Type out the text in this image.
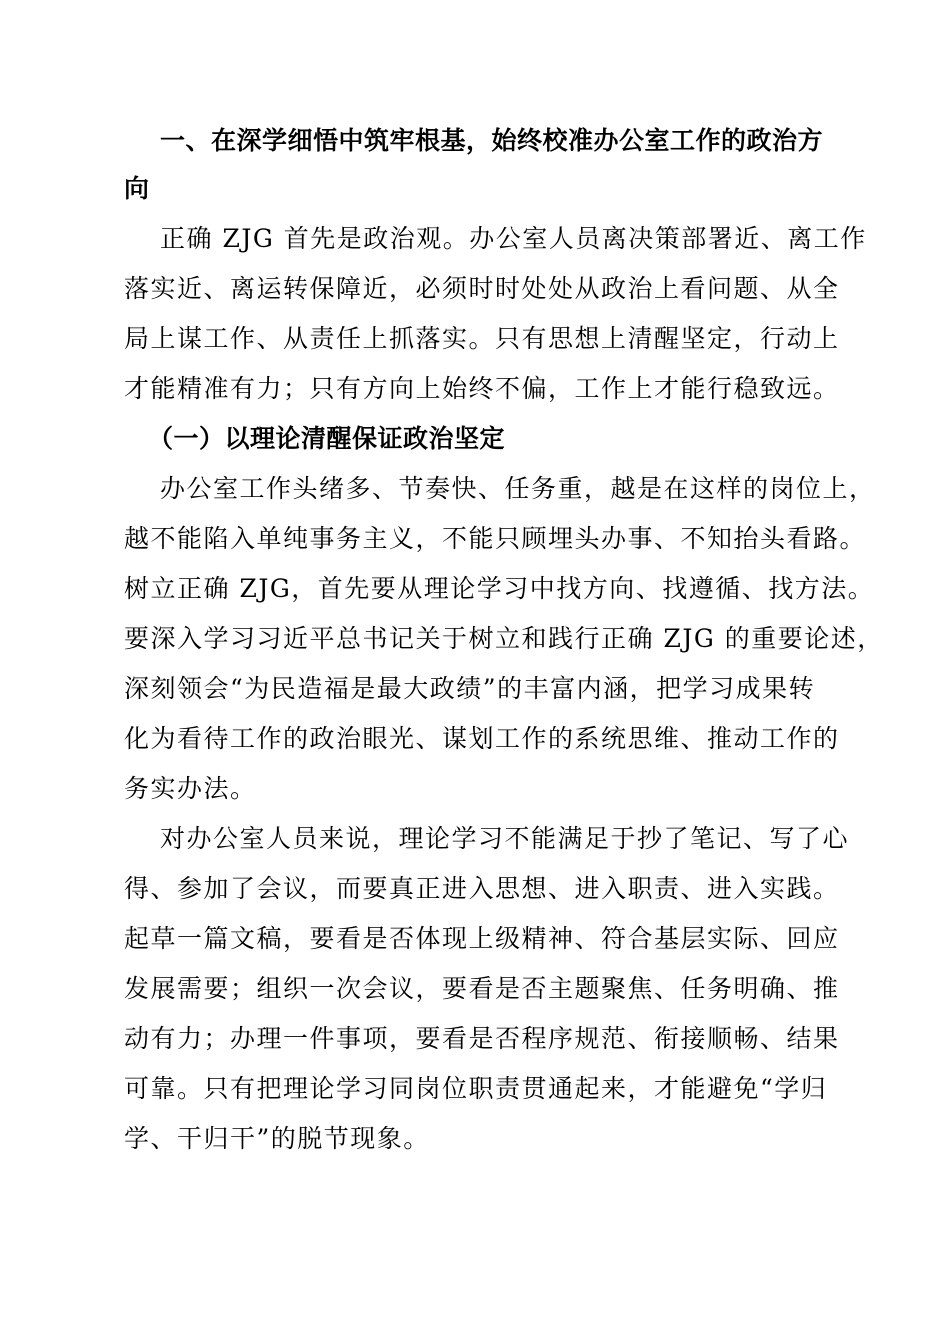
一、在深学细悟中筑牢根基，始终校准办公室工作的政治方
向
正确 ZJG 首先是政治观。办公室人员离决策部署近、离工作
落实近、离运转保障近，必须时时处处从政治上看问题、从全
局上谋工作、从责任上抓落实。只有思想上清醒坚定，行动上
才能精准有力；只有方向上始终不偏，工作上才能行稳致远。
（一）以理论清醒保证政治坚定
办公室工作头绪多、节奏快、任务重，越是在这样的岗位上，
越不能陷入单纯事务主义，不能只顾埋头办事、不知抬头看路。
树立正确 ZJG，首先要从理论学习中找方向、找遵循、找方法。
要深入学习习近平总书记关于树立和践行正确 ZJG 的重要论述，
深刻领会“为民造福是最大政绩”的丰富内涵，把学习成果转
化为看待工作的政治眼光、谋划工作的系统思维、推动工作的
务实办法。
对办公室人员来说，理论学习不能满足于抄了笔记、写了心
得、参加了会议，而要真正进入思想、进入职责、进入实践。
起草一篇文稿，要看是否体现上级精神、符合基层实际、回应
发展需要；组织一次会议，要看是否主题聚焦、任务明确、推
动有力；办理一件事项，要看是否程序规范、衔接顺畅、结果
可靠。只有把理论学习同岗位职责贯通起来，才能避免“学归
学、干归干”的脱节现象。
